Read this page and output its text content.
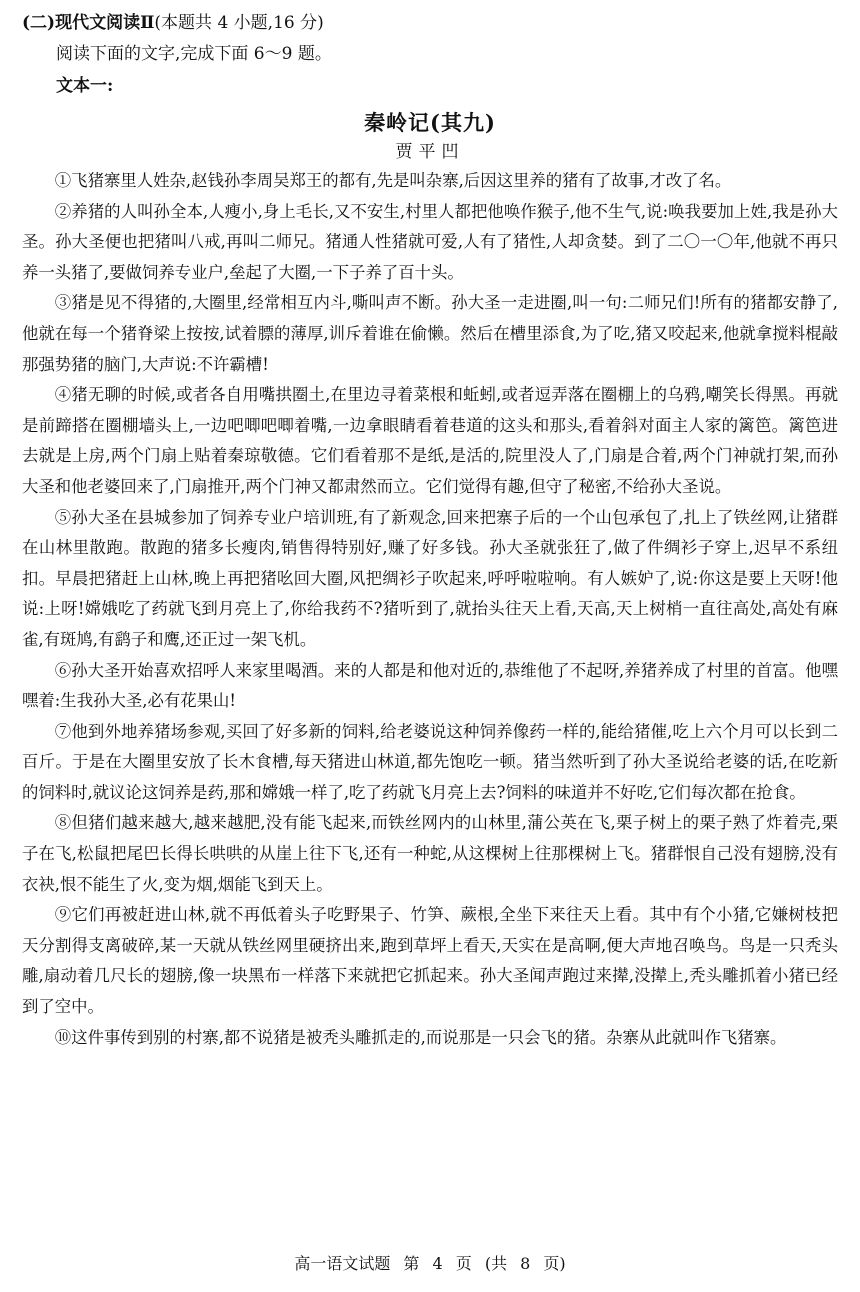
(二)现代文阅读Ⅱ(本题共 4 小题,16 分)

阅读下面的文字,完成下面 6～9 题。

文本一:

秦岭记(其九)

贾平凹

①飞猪寨里人姓杂,赵钱孙李周吴郑王的都有,先是叫杂寨,后因这里养的猪有了故事,才改了名。

②养猪的人叫孙全本,人瘦小,身上毛长,又不安生,村里人都把他唤作猴子,他不生气,说:唤我要加上姓,我是孙大圣。孙大圣便也把猪叫八戒,再叫二师兄。猪通人性猪就可爱,人有了猪性,人却贪婪。到了二〇一〇年,他就不再只养一头猪了,要做饲养专业户,垒起了大圈,一下子养了百十头。

③猪是见不得猪的,大圈里,经常相互内斗,嘶叫声不断。孙大圣一走进圈,叫一句:二师兄们!所有的猪都安静了,他就在每一个猪脊梁上按按,试着膘的薄厚,训斥着谁在偷懒。然后在槽里添食,为了吃,猪又咬起来,他就拿搅料棍敲那强势猪的脑门,大声说:不许霸槽!

④猪无聊的时候,或者各自用嘴拱圈土,在里边寻着菜根和蚯蚓,或者逗弄落在圈棚上的乌鸦,嘲笑长得黑。再就是前蹄搭在圈棚墙头上,一边吧唧吧唧着嘴,一边拿眼睛看着巷道的这头和那头,看着斜对面主人家的篱笆。篱笆进去就是上房,两个门扇上贴着秦琼敬德。它们看着那不是纸,是活的,院里没人了,门扇是合着,两个门神就打架,而孙大圣和他老婆回来了,门扇推开,两个门神又都肃然而立。它们觉得有趣,但守了秘密,不给孙大圣说。

⑤孙大圣在县城参加了饲养专业户培训班,有了新观念,回来把寨子后的一个山包承包了,扎上了铁丝网,让猪群在山林里散跑。散跑的猪多长瘦肉,销售得特别好,赚了好多钱。孙大圣就张狂了,做了件绸衫子穿上,迟早不系纽扣。早晨把猪赶上山林,晚上再把猪吆回大圈,风把绸衫子吹起来,呼呼啦啦响。有人嫉妒了,说:你这是要上天呀!他说:上呀!嫦娥吃了药就飞到月亮上了,你给我药不?猪听到了,就抬头往天上看,天高,天上树梢一直往高处,高处有麻雀,有斑鸠,有鹞子和鹰,还正过一架飞机。

⑥孙大圣开始喜欢招呼人来家里喝酒。来的人都是和他对近的,恭维他了不起呀,养猪养成了村里的首富。他嘿嘿着:生我孙大圣,必有花果山!

⑦他到外地养猪场参观,买回了好多新的饲料,给老婆说这种饲养像药一样的,能给猪催,吃上六个月可以长到二百斤。于是在大圈里安放了长木食槽,每天猪进山林道,都先饱吃一顿。猪当然听到了孙大圣说给老婆的话,在吃新的饲料时,就议论这饲养是药,那和嫦娥一样了,吃了药就飞月亮上去?饲料的味道并不好吃,它们每次都在抢食。

⑧但猪们越来越大,越来越肥,没有能飞起来,而铁丝网内的山林里,蒲公英在飞,栗子树上的栗子熟了炸着壳,栗子在飞,松鼠把尾巴长得长哄哄的从崖上往下飞,还有一种蛇,从这棵树上往那棵树上飞。猪群恨自己没有翅膀,没有衣袂,恨不能生了火,变为烟,烟能飞到天上。

⑨它们再被赶进山林,就不再低着头子吃野果子、竹笋、蕨根,全坐下来往天上看。其中有个小猪,它嫌树枝把天分割得支离破碎,某一天就从铁丝网里硬挤出来,跑到草坪上看天,天实在是高啊,便大声地召唤鸟。鸟是一只秃头雕,扇动着几尺长的翅膀,像一块黑布一样落下来就把它抓起来。孙大圣闻声跑过来撵,没撵上,秃头雕抓着小猪已经到了空中。

⑩这件事传到别的村寨,都不说猪是被秃头雕抓走的,而说那是一只会飞的猪。杂寨从此就叫作飞猪寨。

高一语文试题 第 4 页 (共 8 页)
